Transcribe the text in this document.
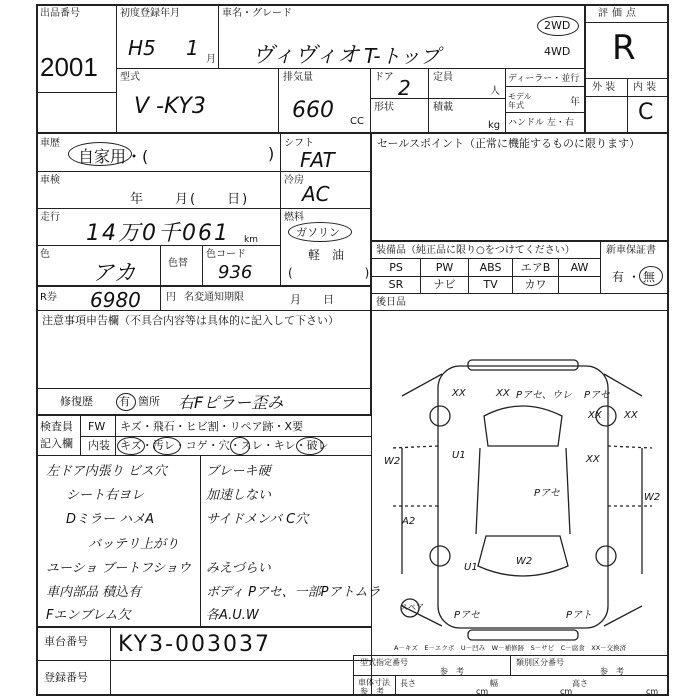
出品番号
2001
初度登録年月
H5 1 月
車名・グレード
ヴィヴィオ T-トップ
2WD
4WD
評価点
R
型式
V -KY3
排気量
660 CC
ドア 2 定員
人
形状	積載
kg
ディーラー・並行
モデル年式	年
ハンドル 左・右
外 装 内 装
C
車歴
自家用・(	)
車検
年　　月(　　日)
走行
14万0千061 km
色
アカ	色替
色コード
936
R券 6980	円 名変通知期限	月　　日
シフト
FAT
冷房
AC
燃料
ガソリン
軽　油
(　　　　　　)
セールスポイント（正常に機能するものに限ります）
装備品（純正品に限り○をつけてください）
PS	PW	ABS	エアB	AW
SR	ナビ	TV	カワ
新車保証書
有 ・ 無
後日品
注意事項申告欄（不具合内容等は具体的に記入して下さい）
修復歴 有 箇所 右Fピラー歪み
検査員
記入欄
FW キズ・飛石・ヒビ割・リペア跡・X要
内装 キズ・汚レ・コゲ・穴・スレ・キレ・破レ
左ドア内張り ビス穴	ブレーキ硬
シート右ヨレ	加速しない
Dミラー ハメA	サイドメンバ C穴
バッテリ上がり
ユーショ ブートフショウ みえづらい
車内部品 積込有	ボディ Pアセ、一部Pアトムラ
Fエンブレム欠	各A.U.W
車台番号 KY3-003037
登録番号
XX	XX Pアセ、ウレ Pアセ
XX XX
W2
U1	XX
Pアセ
U1
W2
A2
W2
Pアセ	Pアト
スペア
A－キズ　E－エクボ　U－凹み　W－補修跡　S－サビ　C－腐食　XX－交換済
型式指定番号
参　考
類別区分番号
参　考
車体寸法
参　考
長さ
cm
幅
cm
高さ
cm
